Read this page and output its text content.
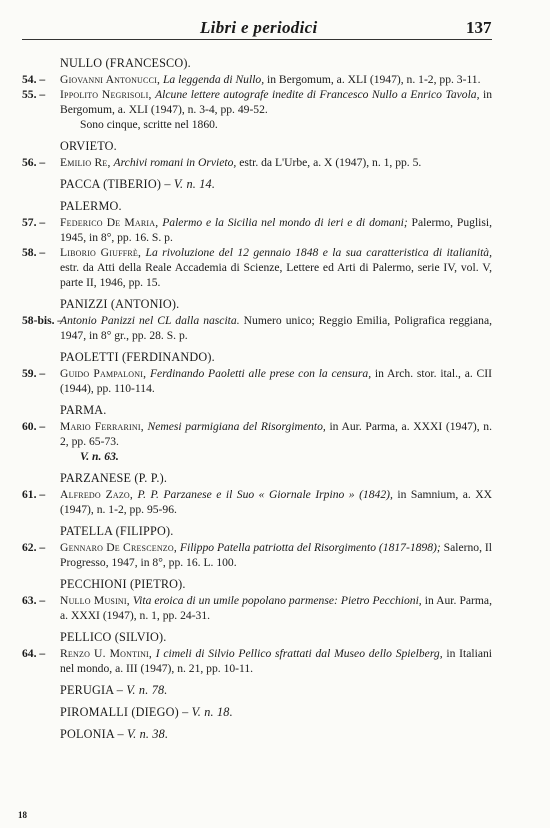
Libri e periodici	137
NULLO (FRANCESCO).
54. – Giovanni Antonucci, La leggenda di Nullo, in Bergomum, a. XLI (1947), n. 1-2, pp. 3-11.
55. – Ippolito Negrisoli, Alcune lettere autografe inedite di Francesco Nullo a Enrico Tavola, in Bergomum, a. XLI (1947), n. 3-4, pp. 49-52.
Sono cinque, scritte nel 1860.
ORVIETO.
56. – Emilio Re, Archivi romani in Orvieto, estr. da L'Urbe, a. X (1947), n. 1, pp. 5.
PACCA (TIBERIO) – V. n. 14.
PALERMO.
57. – Federico De Maria, Palermo e la Sicilia nel mondo di ieri e di domani; Palermo, Puglisi, 1945, in 8°, pp. 16. S. p.
58. – Liborio Giuffrè, La rivoluzione del 12 gennaio 1848 e la sua caratteristica di italianità, estr. da Atti della Reale Accademia di Scienze, Lettere ed Arti di Palermo, serie IV, vol. V, parte II, 1946, pp. 15.
PANIZZI (ANTONIO).
58-bis. –
Antonio Panizzi nel CL dalla nascita. Numero unico; Reggio Emilia, Poligrafica reggiana, 1947, in 8° gr., pp. 28. S. p.
PAOLETTI (FERDINANDO).
59. – Guido Pampaloni, Ferdinando Paoletti alle prese con la censura, in Arch. stor. ital., a. CII (1944), pp. 110-114.
PARMA.
60. – Mario Ferrarini, Nemesi parmigiana del Risorgimento, in Aur. Parma, a. XXXI (1947), n. 2, pp. 65-73.
V. n. 63.
PARZANESE (P. P.).
61. – Alfredo Zazo, P. P. Parzanese e il Suo « Giornale Irpino » (1842), in Samnium, a. XX (1947), n. 1-2, pp. 95-96.
PATELLA (FILIPPO).
62. – Gennaro De Crescenzo, Filippo Patella patriotta del Risorgimento (1817-1898); Salerno, Il Progresso, 1947, in 8°, pp. 16. L. 100.
PECCHIONI (PIETRO).
63. – Nullo Musini, Vita eroica di un umile popolano parmense: Pietro Pecchioni, in Aur. Parma, a. XXXI (1947), n. 1, pp. 24-31.
PELLICO (SILVIO).
64. – Renzo U. Montini, I cimeli di Silvio Pellico sfrattati dal Museo dello Spielberg, in Italiani nel mondo, a. III (1947), n. 21, pp. 10-11.
PERUGIA – V. n. 78.
PIROMALLI (DIEGO) – V. n. 18.
POLONIA – V. n. 38.
18
